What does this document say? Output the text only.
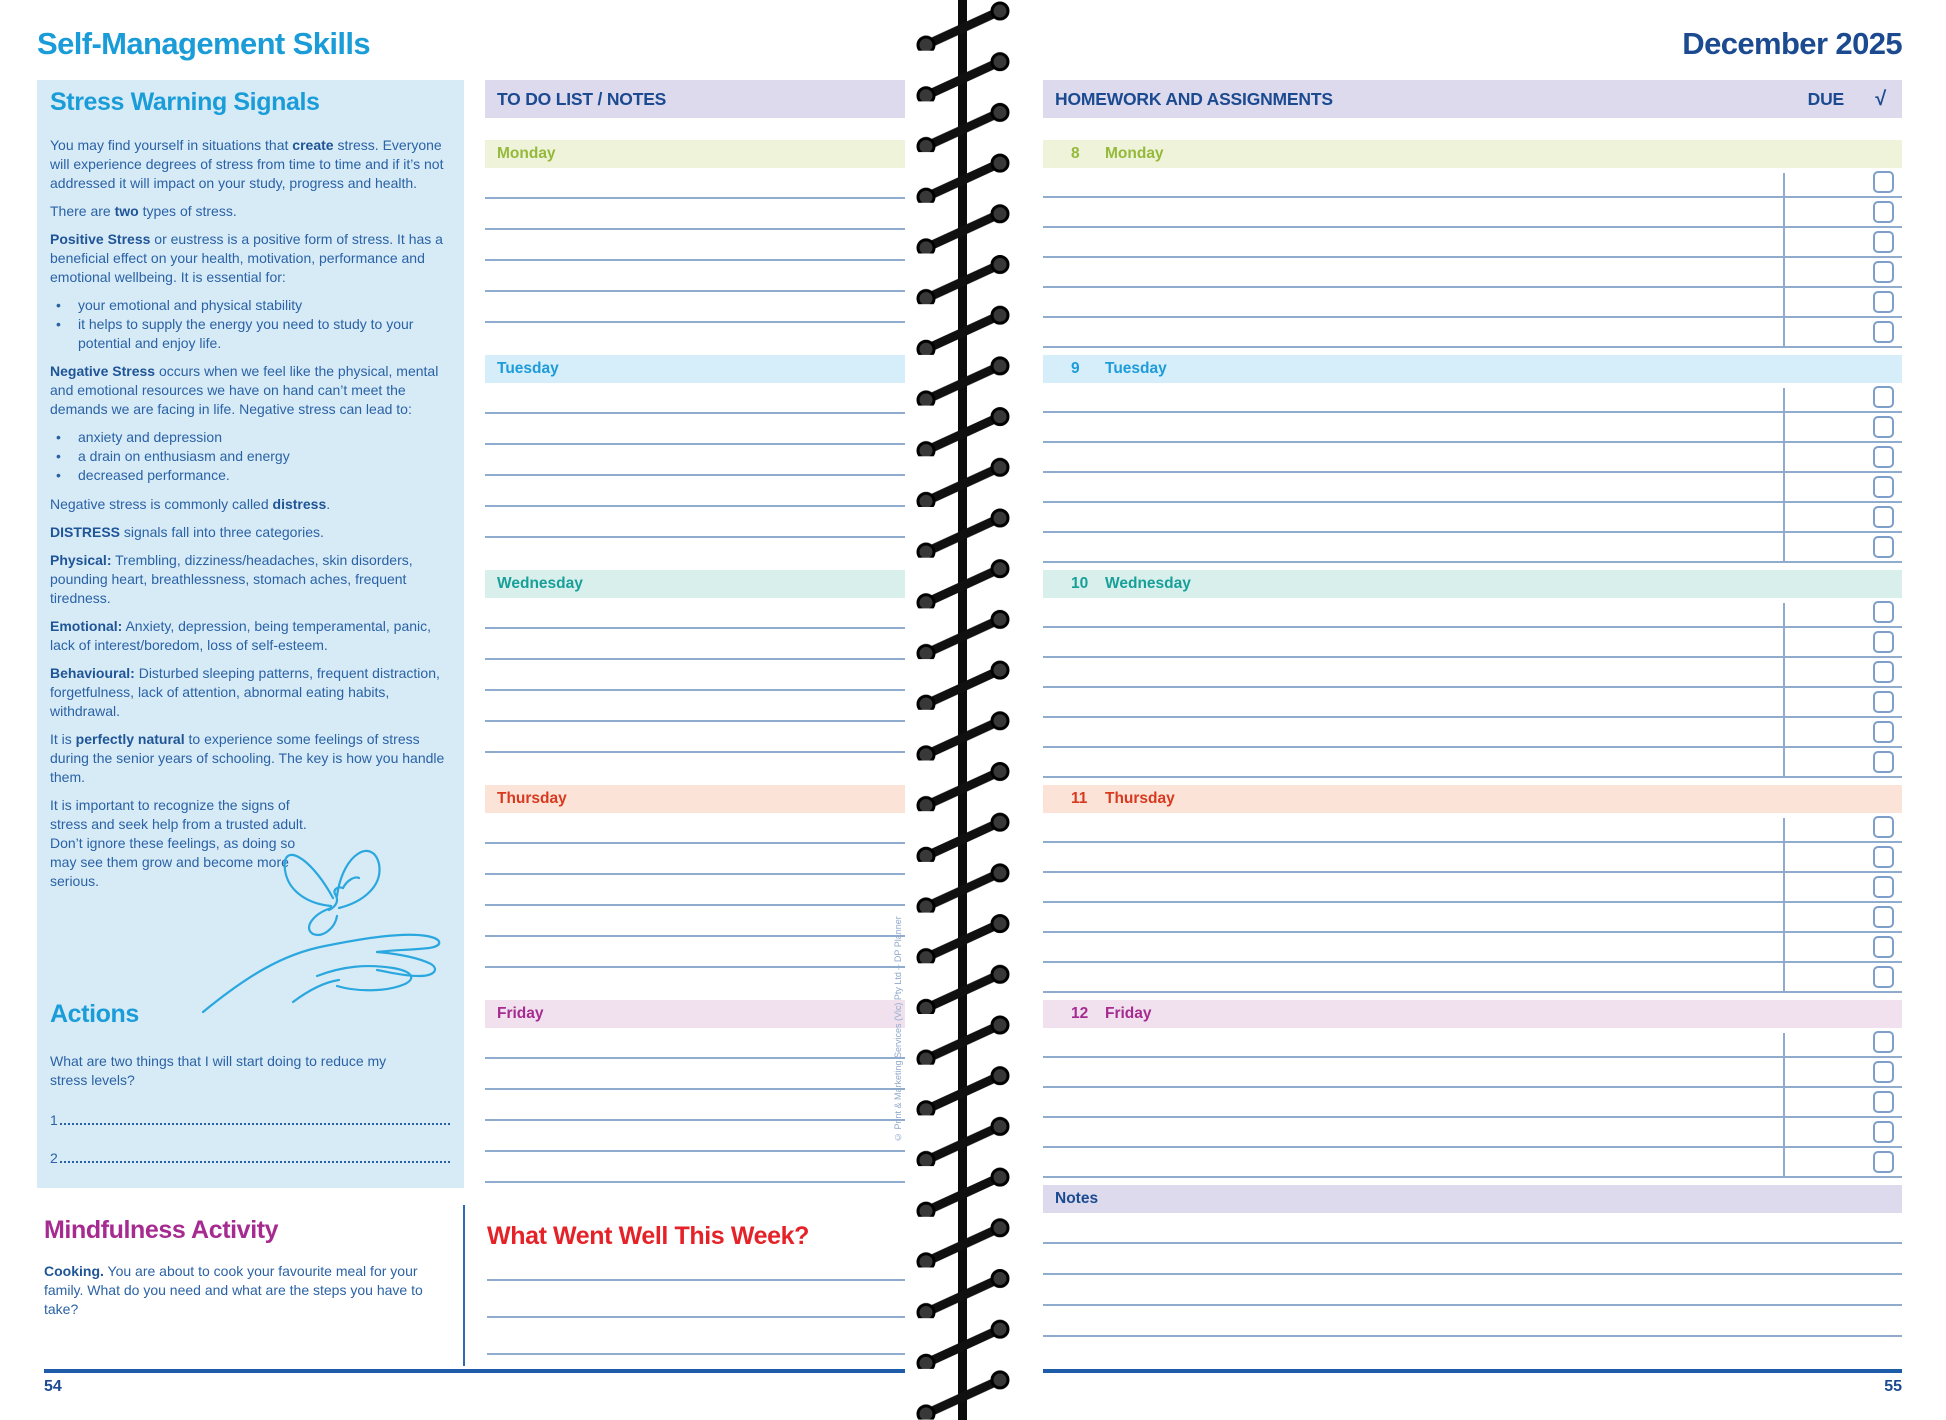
Self-Management Skills
Stress Warning Signals
You may find yourself in situations that create stress. Everyone will experience degrees of stress from time to time and if it’s not addressed it will impact on your study, progress and health.
There are two types of stress.
Positive Stress or eustress is a positive form of stress. It has a beneficial effect on your health, motivation, performance and emotional wellbeing. It is essential for:
•	your emotional and physical stability
•	it helps to supply the energy you need to study to your potential and enjoy life.
Negative Stress occurs when we feel like the physical, mental and emotional resources we have on hand can’t meet the demands we are facing in life. Negative stress can lead to:
•	anxiety and depression
•	a drain on enthusiasm and energy
•	decreased performance.
Negative stress is commonly called distress.
DISTRESS signals fall into three categories.
Physical: Trembling, dizziness/headaches, skin disorders, pounding heart, breathlessness, stomach aches, frequent tiredness.
Emotional: Anxiety, depression, being temperamental, panic, lack of interest/boredom, loss of self-esteem.
Behavioural: Disturbed sleeping patterns, frequent distraction, forgetfulness, lack of attention, abnormal eating habits, withdrawal.
It is perfectly natural to experience some feelings of stress during the senior years of schooling. The key is how you handle them.
It is important to recognize the signs of stress and seek help from a trusted adult. Don’t ignore these feelings, as doing so may see them grow and become more serious.
Actions
What are two things that I will start doing to reduce my stress levels?
1
2
Mindfulness Activity
Cooking. You are about to cook your favourite meal for your family. What do you need and what are the steps you have to take?
TO DO LIST / NOTES
Monday
Tuesday
Wednesday
Thursday
Friday
What Went Well This Week?
54
© Print & Marketing Services (Vic) Pty Ltd – DP Planner
December 2025
HOMEWORK AND ASSIGNMENTS	DUE √
8	Monday
9	Tuesday
10	Wednesday
11	Thursday
12	Friday
Notes
55
